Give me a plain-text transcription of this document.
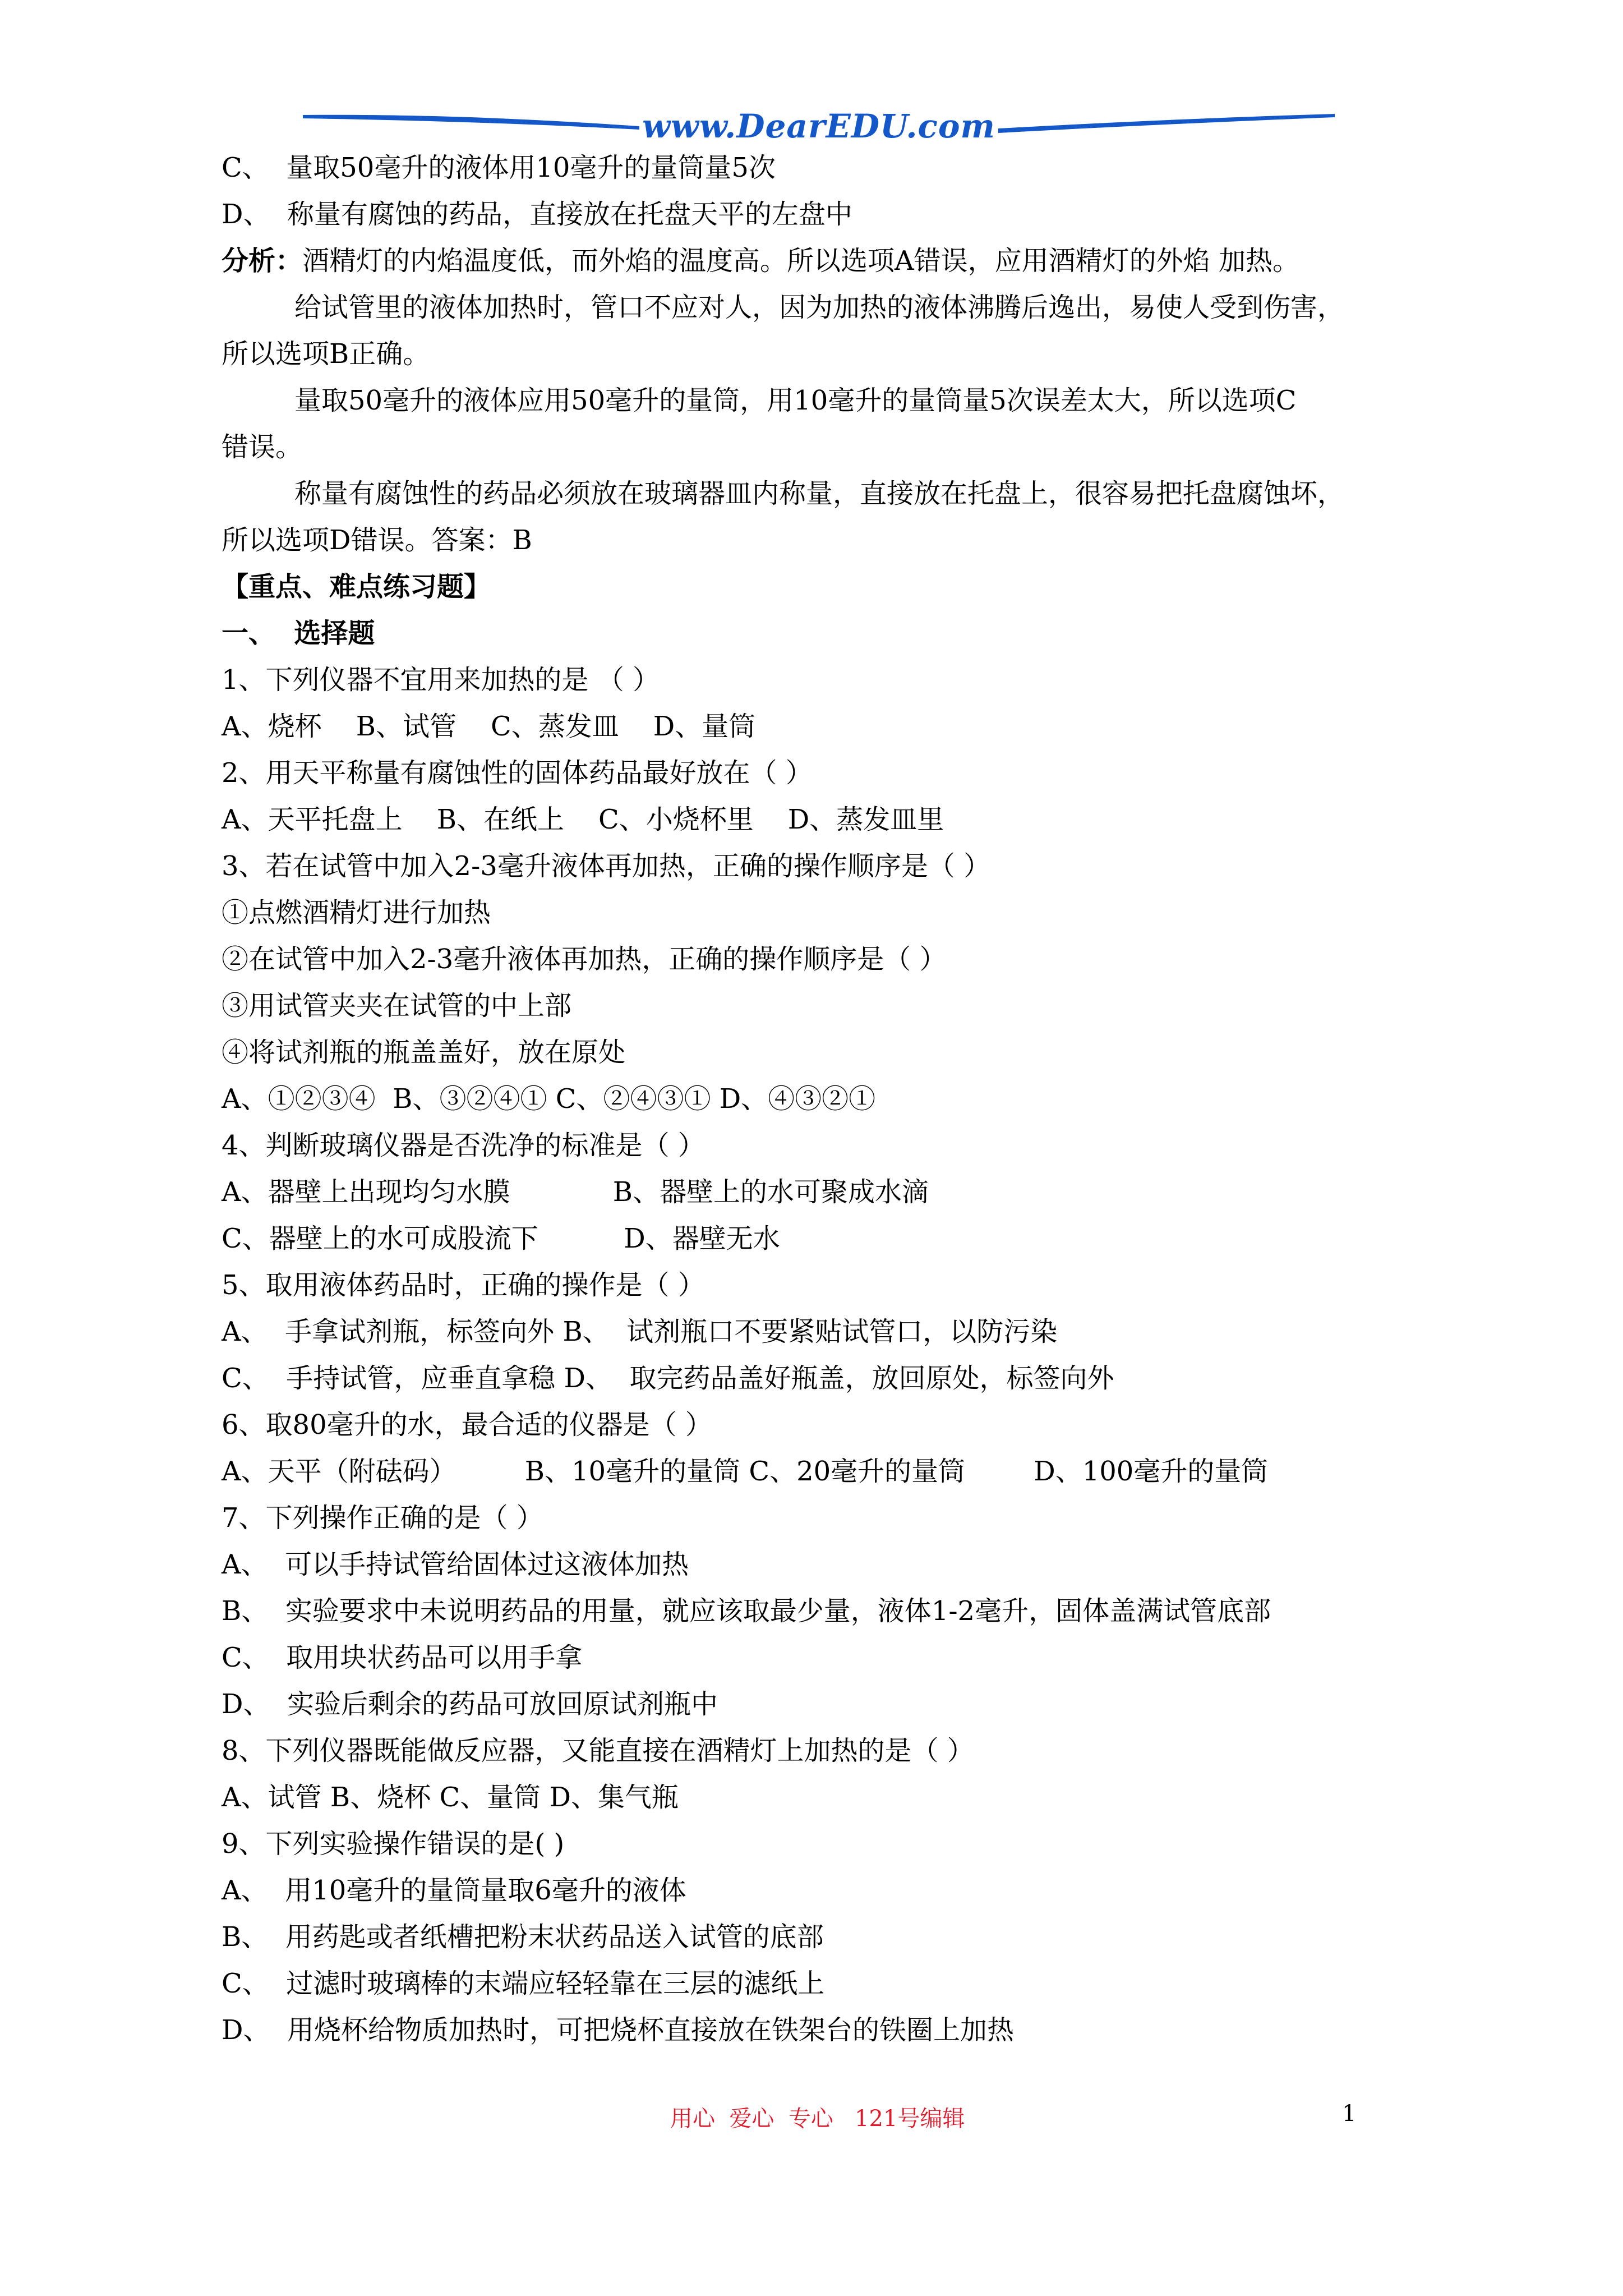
www.DearEDU.com
C、  量取50毫升的液体用10毫升的量筒量5次
D、  称量有腐蚀的药品，直接放在托盘天平的左盘中
分析：酒精灯的内焰温度低，而外焰的温度高。所以选项A错误，应用酒精灯的外焰 加热。
给试管里的液体加热时，管口不应对人，因为加热的液体沸腾后逸出，易使人受到伤害，
所以选项B正确。
量取50毫升的液体应用50毫升的量筒，用10毫升的量筒量5次误差太大，所以选项C
错误。
称量有腐蚀性的药品必须放在玻璃器皿内称量，直接放在托盘上，很容易把托盘腐蚀坏，
所以选项D错误。答案：B
【重点、难点练习题】
一、  选择题
1、下列仪器不宜用来加热的是 （ ）
A、烧杯    B、试管    C、蒸发皿    D、量筒
2、用天平称量有腐蚀性的固体药品最好放在（ ）
A、天平托盘上    B、在纸上    C、小烧杯里    D、蒸发皿里
3、若在试管中加入2-3毫升液体再加热，正确的操作顺序是（ ）
①点燃酒精灯进行加热
②在试管中加入2-3毫升液体再加热，正确的操作顺序是（ ）
③用试管夹夹在试管的中上部
④将试剂瓶的瓶盖盖好，放在原处
A、①②③④  B、③②④① C、②④③① D、④③②①
4、判断玻璃仪器是否洗净的标准是（ ）
A、器壁上出现均匀水膜            B、器壁上的水可聚成水滴
C、器壁上的水可成股流下          D、器壁无水
5、取用液体药品时，正确的操作是（ ）
A、  手拿试剂瓶，标签向外 B、  试剂瓶口不要紧贴试管口，以防污染
C、  手持试管，应垂直拿稳 D、  取完药品盖好瓶盖，放回原处，标签向外
6、取80毫升的水，最合适的仪器是（ ）
A、天平（附砝码）        B、10毫升的量筒 C、20毫升的量筒        D、100毫升的量筒
7、下列操作正确的是（ ）
A、  可以手持试管给固体过这液体加热
B、  实验要求中未说明药品的用量，就应该取最少量，液体1-2毫升，固体盖满试管底部
C、  取用块状药品可以用手拿
D、  实验后剩余的药品可放回原试剂瓶中
8、下列仪器既能做反应器，又能直接在酒精灯上加热的是（ ）
A、试管 B、烧杯 C、量筒 D、集气瓶
9、下列实验操作错误的是( )
A、  用10毫升的量筒量取6毫升的液体
B、  用药匙或者纸槽把粉末状药品送入试管的底部
C、  过滤时玻璃棒的末端应轻轻靠在三层的滤纸上
D、  用烧杯给物质加热时，可把烧杯直接放在铁架台的铁圈上加热
用心  爱心  专心   121号编辑	1
